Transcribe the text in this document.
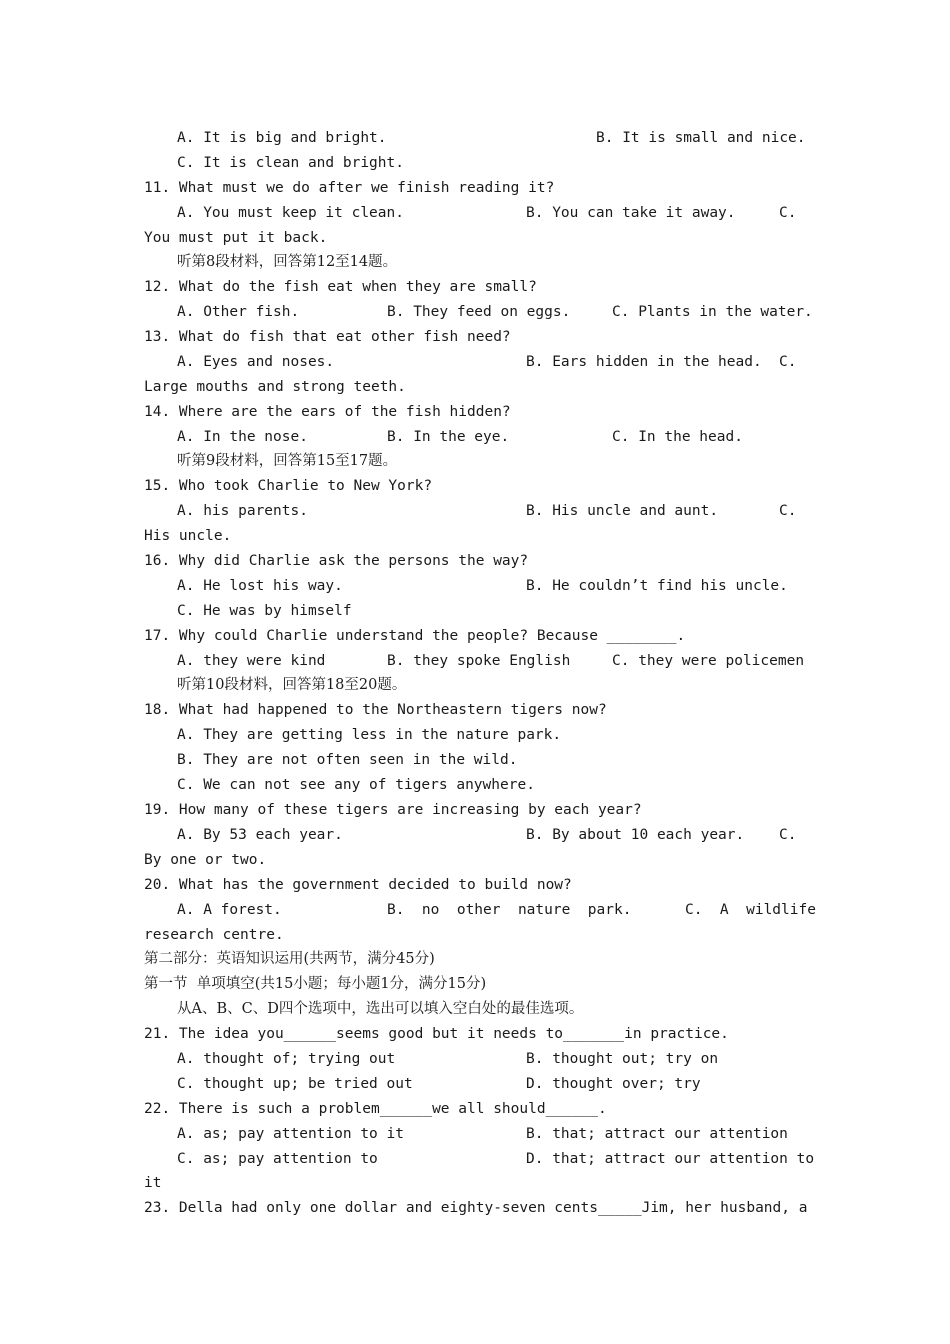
A. It is big and bright.	B. It is small and nice.
C. It is clean and bright.
11. What must we do after we finish reading it?
A. You must keep it clean.	B. You can take it away.	C.
You must put it back.
听第8段材料，回答第12至14题。
12. What do the fish eat when they are small?
A. Other fish.	B. They feed on eggs.	C. Plants in the water.
13. What do fish that eat other fish need?
A. Eyes and noses.	B. Ears hidden in the head. C.
Large mouths and strong teeth.
14. Where are the ears of the fish hidden?
A. In the nose.	B. In the eye.	C. In the head.
听第9段材料，回答第15至17题。
15. Who took Charlie to New York?
A. his parents.	B. His uncle and aunt.	C.
His uncle.
16. Why did Charlie ask the persons the way?
A. He lost his way.	B. He couldn’t find his uncle.
C. He was by himself
17. Why could Charlie understand the people? Because ________.
A. they were kind	B. they spoke English	C. they were policemen
听第10段材料，回答第18至20题。
18. What had happened to the Northeastern tigers now?
A. They are getting less in the nature park.
B. They are not often seen in the wild.
C. We can not see any of tigers anywhere.
19. How many of these tigers are increasing by each year?
A. By 53 each year.	B. By about 10 each year. C.
By one or two.
20. What has the government decided to build now?
A. A forest.	B.  no  other  nature  park.	C.  A  wildlife
research centre.
第二部分：英语知识运用(共两节，满分45分)
第一节  单项填空(共15小题；每小题1分，满分15分)
从A、B、C、D四个选项中，选出可以填入空白处的最佳选项。
21. The idea you______seems good but it needs to_______in practice.
A. thought of; trying out	B. thought out; try on
C. thought up; be tried out	D. thought over; try
22. There is such a problem______we all should______.
A. as; pay attention to it	B. that; attract our attention
C. as; pay attention to	D. that; attract our attention to
it
23. Della had only one dollar and eighty-seven cents_____Jim, her husband, a
